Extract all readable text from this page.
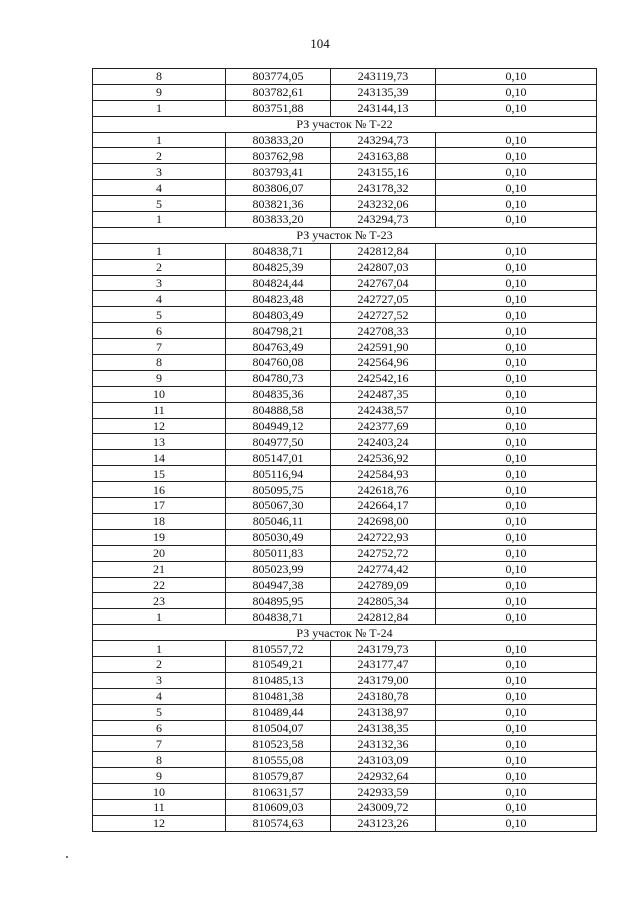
104
8	803774,05	243119,73	0,10
9	803782,61	243135,39	0,10
1	803751,88	243144,13	0,10
РЗ участок № Т-22			
1	803833,20	243294,73	0,10
2	803762,98	243163,88	0,10
3	803793,41	243155,16	0,10
4	803806,07	243178,32	0,10
5	803821,36	243232,06	0,10
1	803833,20	243294,73	0,10
РЗ участок № Т-23			
1	804838,71	242812,84	0,10
2	804825,39	242807,03	0,10
3	804824,44	242767,04	0,10
4	804823,48	242727,05	0,10
5	804803,49	242727,52	0,10
6	804798,21	242708,33	0,10
7	804763,49	242591,90	0,10
8	804760,08	242564,96	0,10
9	804780,73	242542,16	0,10
10	804835,36	242487,35	0,10
11	804888,58	242438,57	0,10
12	804949,12	242377,69	0,10
13	804977,50	242403,24	0,10
14	805147,01	242536,92	0,10
15	805116,94	242584,93	0,10
16	805095,75	242618,76	0,10
17	805067,30	242664,17	0,10
18	805046,11	242698,00	0,10
19	805030,49	242722,93	0,10
20	805011,83	242752,72	0,10
21	805023,99	242774,42	0,10
22	804947,38	242789,09	0,10
23	804895,95	242805,34	0,10
1	804838,71	242812,84	0,10
РЗ участок № Т-24			
1	810557,72	243179,73	0,10
2	810549,21	243177,47	0,10
3	810485,13	243179,00	0,10
4	810481,38	243180,78	0,10
5	810489,44	243138,97	0,10
6	810504,07	243138,35	0,10
7	810523,58	243132,36	0,10
8	810555,08	243103,09	0,10
9	810579,87	242932,64	0,10
10	810631,57	242933,59	0,10
11	810609,03	243009,72	0,10
12	810574,63	243123,26	0,10
